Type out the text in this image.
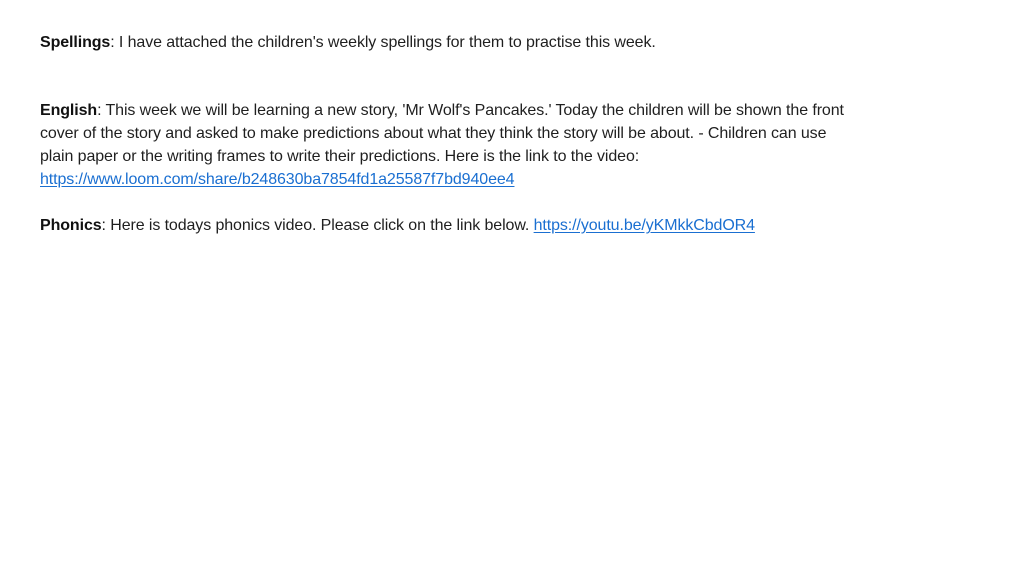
Spellings: I have attached the children's weekly spellings for them to practise this week.
English: This week we will be learning a new story, 'Mr Wolf's Pancakes.' Today the children will be shown the front cover of the story and asked to make predictions about what they think the story will be about. - Children can use plain paper or the writing frames to write their predictions. Here is the link to the video: https://www.loom.com/share/b248630ba7854fd1a25587f7bd940ee4
Phonics: Here is todays phonics video. Please click on the link below. https://youtu.be/yKMkkCbdOR4
